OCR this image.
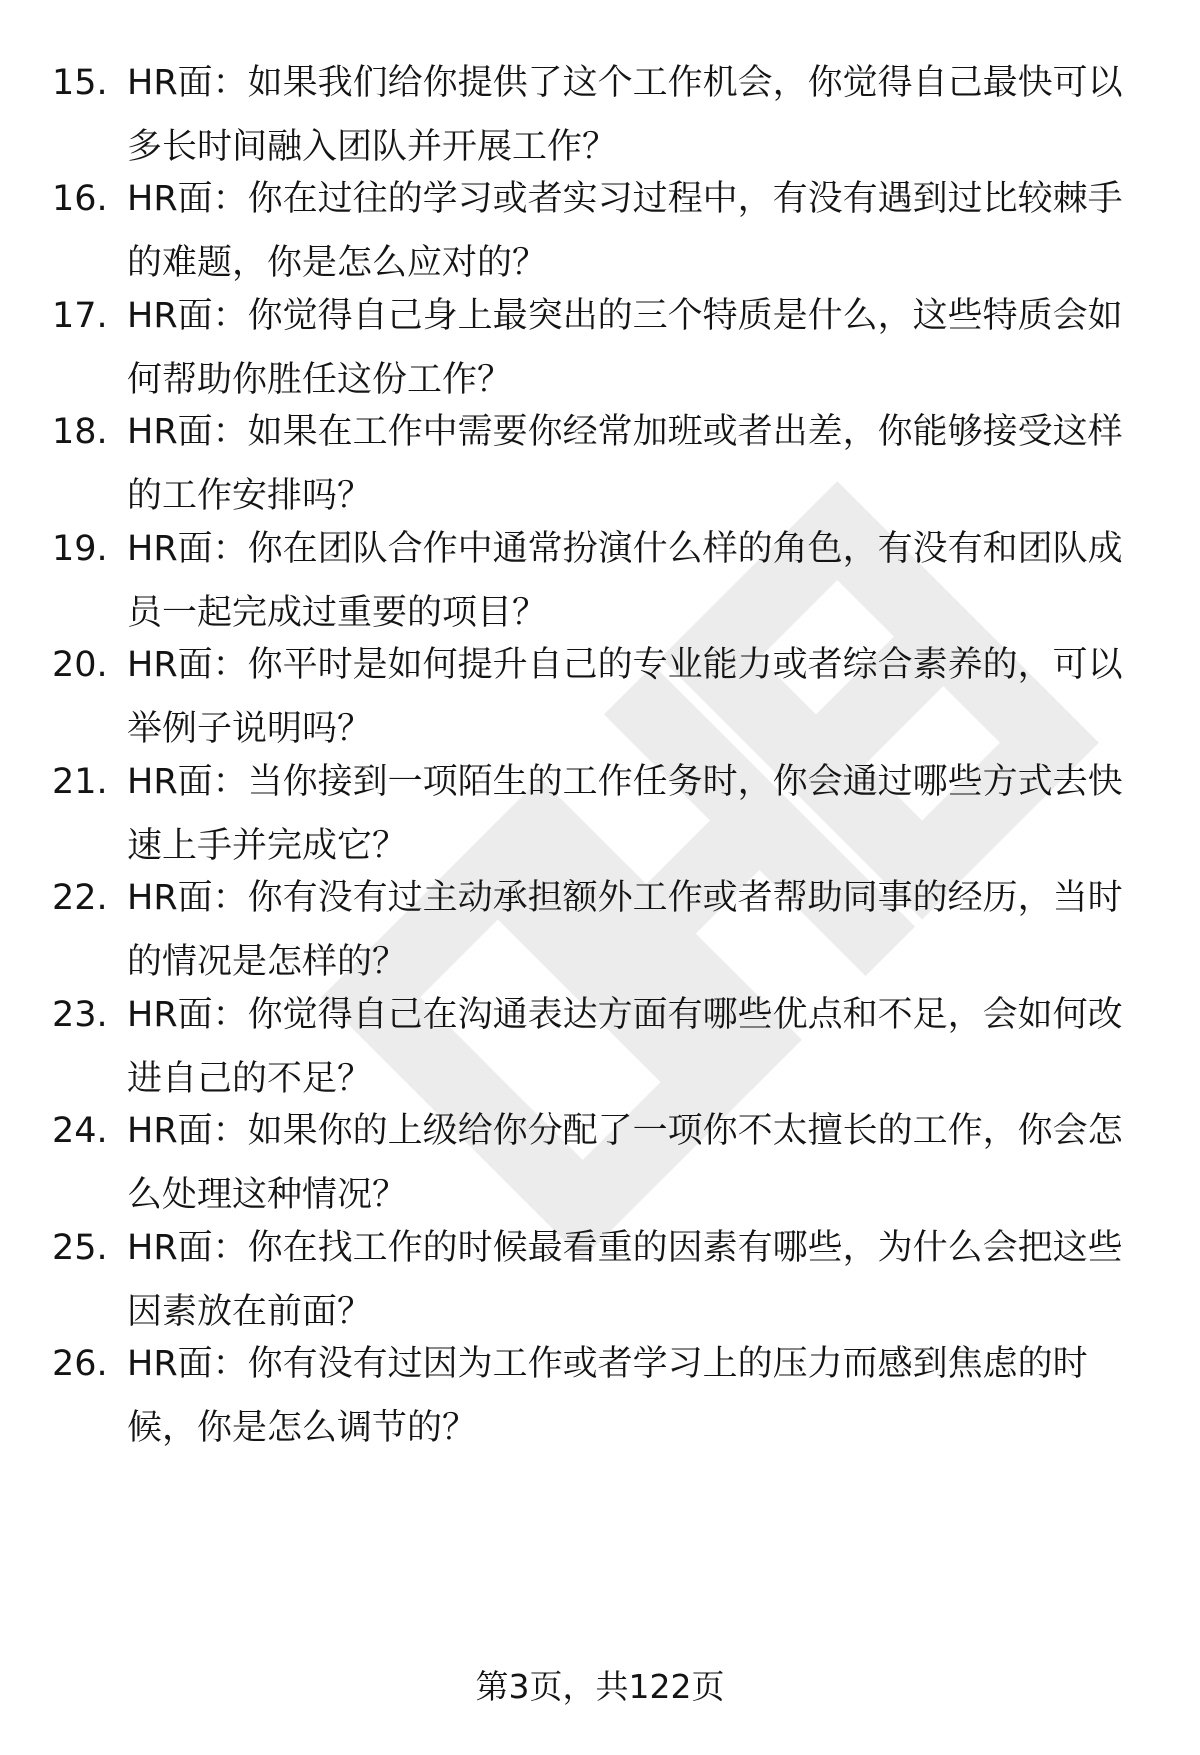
15. HR面：如果我们给你提供了这个工作机会，你觉得自己最快可以
多长时间融入团队并开展工作？
16. HR面：你在过往的学习或者实习过程中，有没有遇到过比较棘手
的难题，你是怎么应对的？
17. HR面：你觉得自己身上最突出的三个特质是什么，这些特质会如
何帮助你胜任这份工作？
18. HR面：如果在工作中需要你经常加班或者出差，你能够接受这样
的工作安排吗？
19. HR面：你在团队合作中通常扮演什么样的角色，有没有和团队成
员一起完成过重要的项目？
20. HR面：你平时是如何提升自己的专业能力或者综合素养的，可以
举例子说明吗？
21. HR面：当你接到一项陌生的工作任务时，你会通过哪些方式去快
速上手并完成它？
22. HR面：你有没有过主动承担额外工作或者帮助同事的经历，当时
的情况是怎样的？
23. HR面：你觉得自己在沟通表达方面有哪些优点和不足，会如何改
进自己的不足？
24. HR面：如果你的上级给你分配了一项你不太擅长的工作，你会怎
么处理这种情况？
25. HR面：你在找工作的时候最看重的因素有哪些，为什么会把这些
因素放在前面？
26. HR面：你有没有过因为工作或者学习上的压力而感到焦虑的时
候，你是怎么调节的？
第3页，共122页
